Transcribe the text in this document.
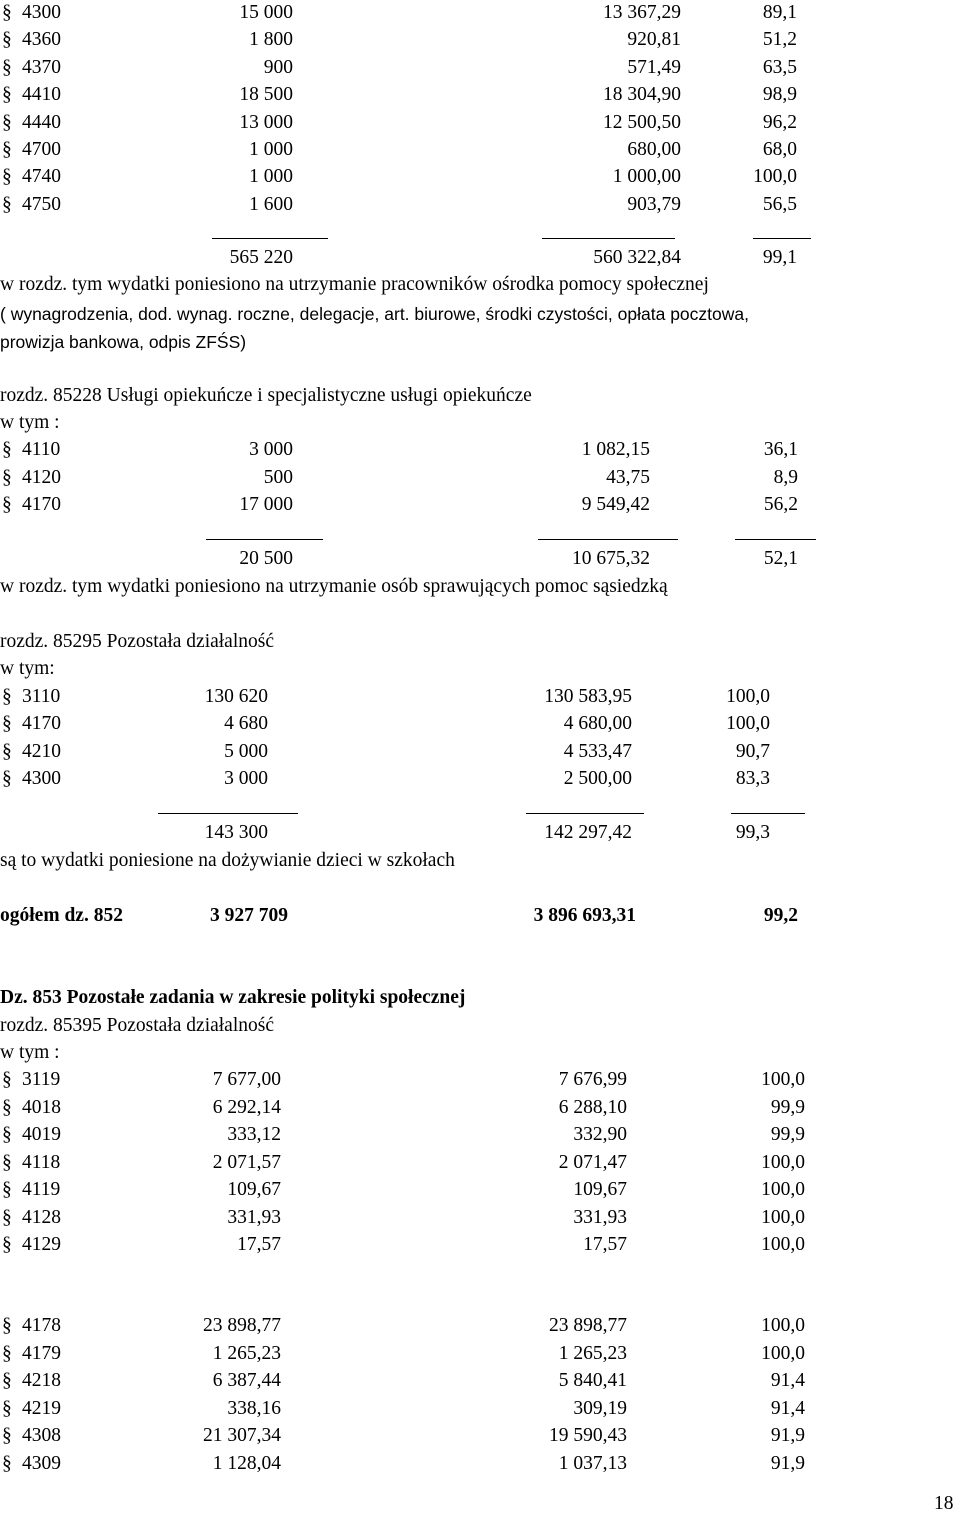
§ 4300	15 000	13 367,29	89,1
§ 4360	1 800	920,81	51,2
§ 4370	900	571,49	63,5
§ 4410	18 500	18 304,90	98,9
§ 4440	13 000	12 500,50	96,2
§ 4700	1 000	680,00	68,0
§ 4740	1 000	1 000,00	100,0
§ 4750	1 600	903,79	56,5
565 220	560 322,84	99,1
w rozdz. tym wydatki poniesiono na utrzymanie pracowników ośrodka pomocy społecznej
( wynagrodzenia, dod. wynag. roczne, delegacje, art. biurowe, środki czystości, opłata pocztowa,
prowizja bankowa, odpis ZFŚS)
rozdz. 85228 Usługi opiekuńcze i specjalistyczne usługi opiekuńcze
w tym :
§ 4110	3 000	1 082,15	36,1
§ 4120	500	43,75	8,9
§ 4170	17 000	9 549,42	56,2
20 500	10 675,32	52,1
w rozdz. tym wydatki poniesiono na utrzymanie osób sprawujących pomoc sąsiedzką
rozdz. 85295 Pozostała działalność
w tym:
§ 3110	130 620	130 583,95	100,0
§ 4170	4 680	4 680,00	100,0
§ 4210	5 000	4 533,47	90,7
§ 4300	3 000	2 500,00	83,3
143 300	142 297,42	99,3
są to wydatki poniesione na dożywianie dzieci w szkołach
ogółem dz. 852	3 927 709	3 896 693,31	99,2
Dz. 853 Pozostałe zadania w zakresie polityki społecznej
rozdz. 85395 Pozostała działalność
w tym :
§ 3119	7 677,00	7 676,99	100,0
§ 4018	6 292,14	6 288,10	99,9
§ 4019	333,12	332,90	99,9
§ 4118	2 071,57	2 071,47	100,0
§ 4119	109,67	109,67	100,0
§ 4128	331,93	331,93	100,0
§ 4129	17,57	17,57	100,0
§ 4178	23 898,77	23 898,77	100,0
§ 4179	1 265,23	1 265,23	100,0
§ 4218	6 387,44	5 840,41	91,4
§ 4219	338,16	309,19	91,4
§ 4308	21 307,34	19 590,43	91,9
§ 4309	1 128,04	1 037,13	91,9
18
